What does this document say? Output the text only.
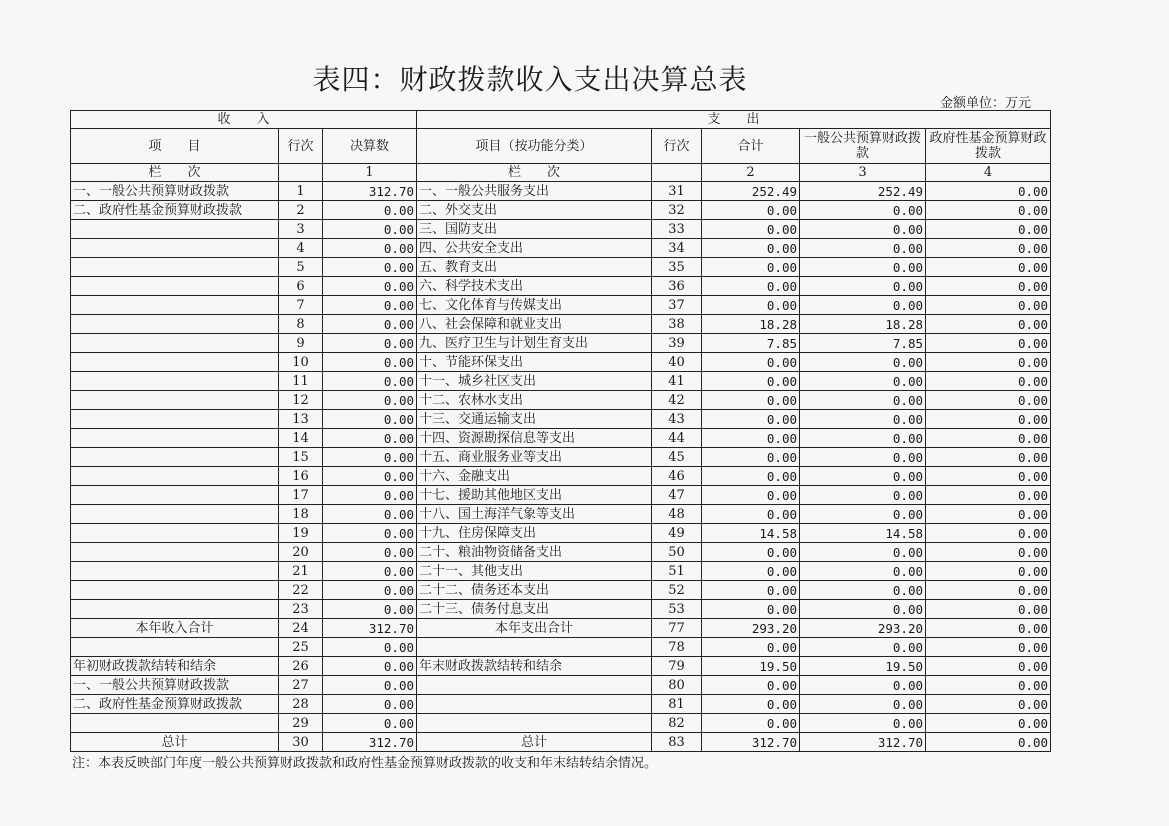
表四：财政拨款收入支出决算总表
金额单位：万元
收　　入			支　　出				
项　　目	行次	决算数	项目（按功能分类）	行次	合计	一般公共预算财政拨款	政府性基金预算财政拨款
栏　　次		1	栏　　次		2	3	4
一、一般公共预算财政拨款	1	312.70	一、一般公共服务支出	31	252.49	252.49	0.00
二、政府性基金预算财政拨款	2	0.00	二、外交支出	32	0.00	0.00	0.00
	3	0.00	三、国防支出	33	0.00	0.00	0.00
	4	0.00	四、公共安全支出	34	0.00	0.00	0.00
	5	0.00	五、教育支出	35	0.00	0.00	0.00
	6	0.00	六、科学技术支出	36	0.00	0.00	0.00
	7	0.00	七、文化体育与传媒支出	37	0.00	0.00	0.00
	8	0.00	八、社会保障和就业支出	38	18.28	18.28	0.00
	9	0.00	九、医疗卫生与计划生育支出	39	7.85	7.85	0.00
	10	0.00	十、节能环保支出	40	0.00	0.00	0.00
	11	0.00	十一、城乡社区支出	41	0.00	0.00	0.00
	12	0.00	十二、农林水支出	42	0.00	0.00	0.00
	13	0.00	十三、交通运输支出	43	0.00	0.00	0.00
	14	0.00	十四、资源勘探信息等支出	44	0.00	0.00	0.00
	15	0.00	十五、商业服务业等支出	45	0.00	0.00	0.00
	16	0.00	十六、金融支出	46	0.00	0.00	0.00
	17	0.00	十七、援助其他地区支出	47	0.00	0.00	0.00
	18	0.00	十八、国土海洋气象等支出	48	0.00	0.00	0.00
	19	0.00	十九、住房保障支出	49	14.58	14.58	0.00
	20	0.00	二十、粮油物资储备支出	50	0.00	0.00	0.00
	21	0.00	二十一、其他支出	51	0.00	0.00	0.00
	22	0.00	二十二、债务还本支出	52	0.00	0.00	0.00
	23	0.00	二十三、债务付息支出	53	0.00	0.00	0.00
本年收入合计	24	312.70	本年支出合计	77	293.20	293.20	0.00
	25	0.00		78	0.00	0.00	0.00
年初财政拨款结转和结余	26	0.00	年末财政拨款结转和结余	79	19.50	19.50	0.00
一、一般公共预算财政拨款	27	0.00		80	0.00	0.00	0.00
二、政府性基金预算财政拨款	28	0.00		81	0.00	0.00	0.00
	29	0.00		82	0.00	0.00	0.00
总计	30	312.70	总计	83	312.70	312.70	0.00
注：本表反映部门年度一般公共预算财政拨款和政府性基金预算财政拨款的收支和年末结转结余情况。
